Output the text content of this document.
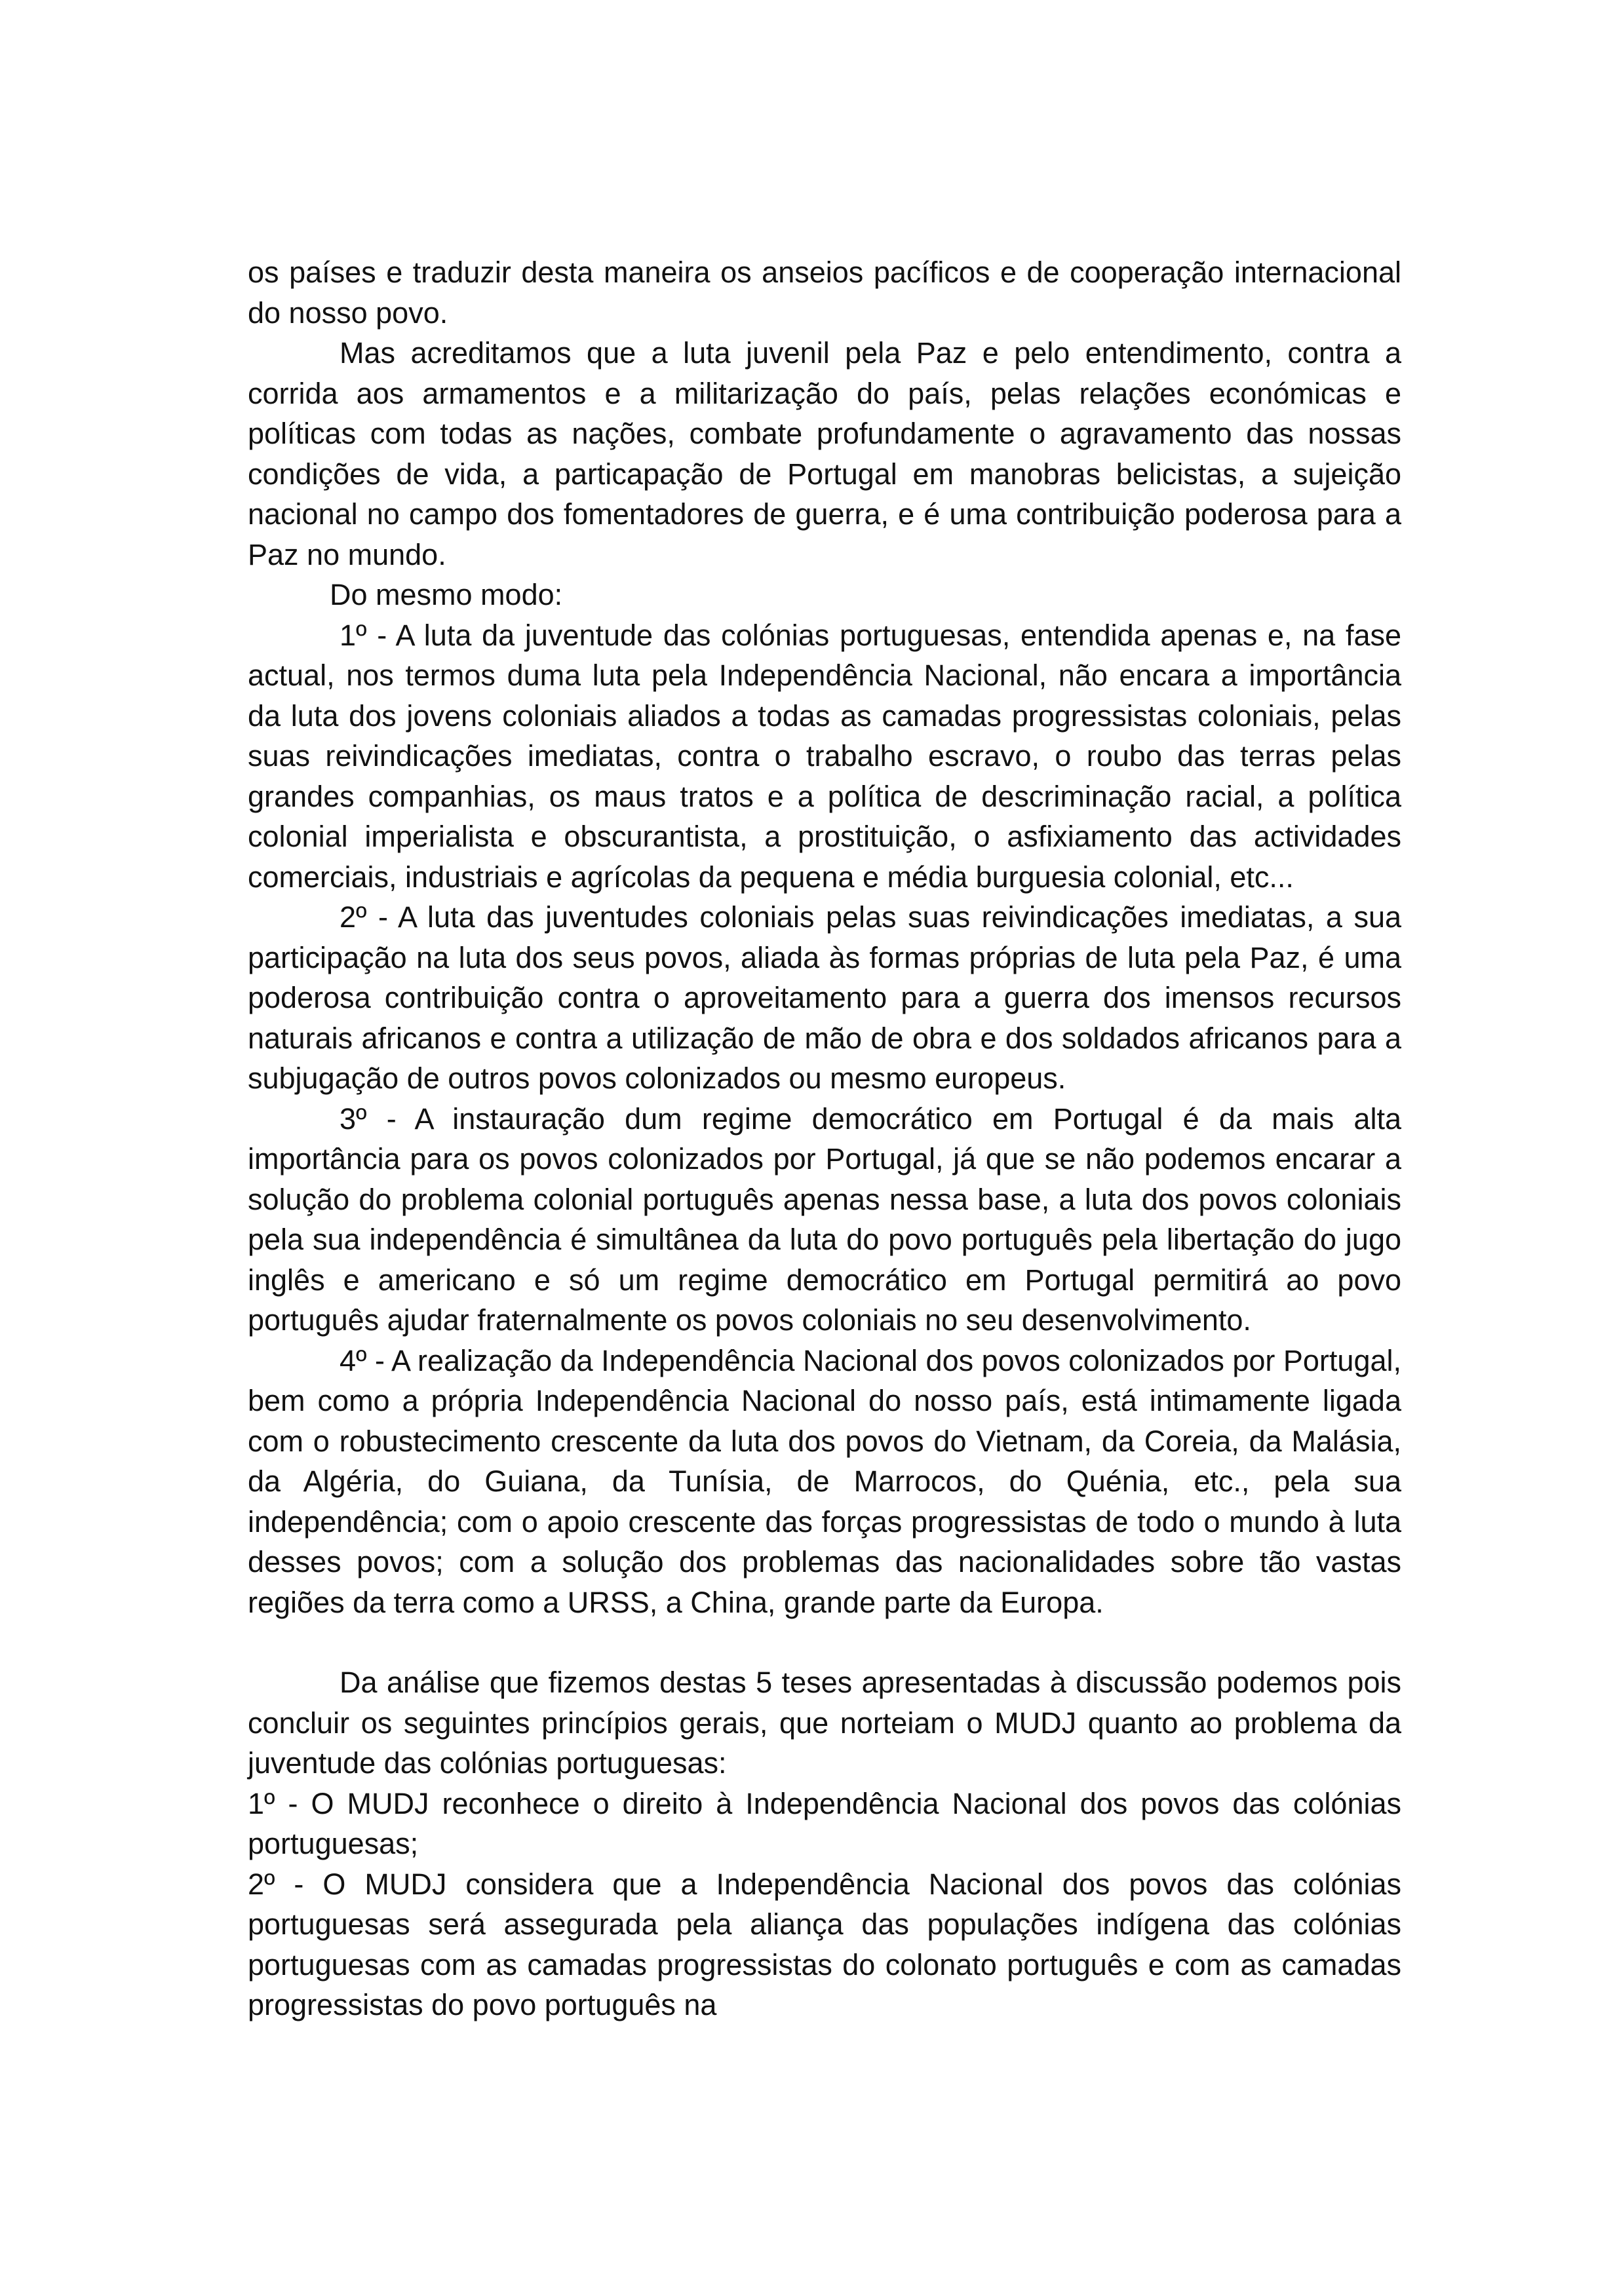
os países e traduzir desta maneira os anseios pacíficos e de cooperação internacional do nosso povo.

Mas acreditamos que a luta juvenil pela Paz e pelo entendimento, contra a corrida aos armamentos e a militarização do país, pelas relações económicas e políticas com todas as nações, combate profundamente o agravamento das nossas condições de vida, a particapação de Portugal em manobras belicistas, a sujeição nacional no campo dos fomentadores de guerra, e é uma contribuição poderosa para a Paz no mundo.

Do mesmo modo:

1º - A luta da juventude das colónias portuguesas, entendida apenas e, na fase actual, nos termos duma luta pela Independência Nacional, não encara a importância da luta dos jovens coloniais aliados a todas as camadas progressistas coloniais, pelas suas reivindicações imediatas, contra o trabalho escravo, o roubo das terras pelas grandes companhias, os maus tratos e a política de descriminação racial, a política colonial imperialista e obscurantista, a prostituição, o asfixiamento das actividades comerciais, industriais e agrícolas da pequena e média burguesia colonial, etc...

2º - A luta das juventudes coloniais pelas suas reivindicações imediatas, a sua participação na luta dos seus povos, aliada às formas próprias de luta pela Paz, é uma poderosa contribuição contra o aproveitamento para a guerra dos imensos recursos naturais africanos e contra a utilização de mão de obra e dos soldados africanos para a subjugação de outros povos colonizados ou mesmo europeus.

3º - A instauração dum regime democrático em Portugal é da mais alta importância para os povos colonizados por Portugal, já que se não podemos encarar a solução do problema colonial português apenas nessa base, a luta dos povos coloniais pela sua independência é simultânea da luta do povo português pela libertação do jugo inglês e americano e só um regime democrático em Portugal permitirá ao povo português ajudar fraternalmente os povos coloniais no seu desenvolvimento.

4º - A realização da Independência Nacional dos povos colonizados por Portugal, bem como a própria Independência Nacional do nosso país, está intimamente ligada com o robustecimento crescente da luta dos povos do Vietnam, da Coreia, da Malásia, da Algéria, do Guiana, da Tunísia, de Marrocos, do Quénia, etc., pela sua independência; com o apoio crescente das forças progressistas de todo o mundo à luta desses povos; com a solução dos problemas das nacionalidades sobre tão vastas regiões da terra como a URSS, a China, grande parte da Europa.

Da análise que fizemos destas 5 teses apresentadas à discussão podemos pois concluir os seguintes princípios gerais, que norteiam o MUDJ quanto ao problema da juventude das colónias portuguesas:

1º - O MUDJ reconhece o direito à Independência Nacional dos povos das colónias portuguesas;

2º - O MUDJ considera que a Independência Nacional dos povos das colónias portuguesas será assegurada pela aliança das populações indígena das colónias portuguesas com as camadas progressistas do colonato português e com as camadas progressistas do povo português na
